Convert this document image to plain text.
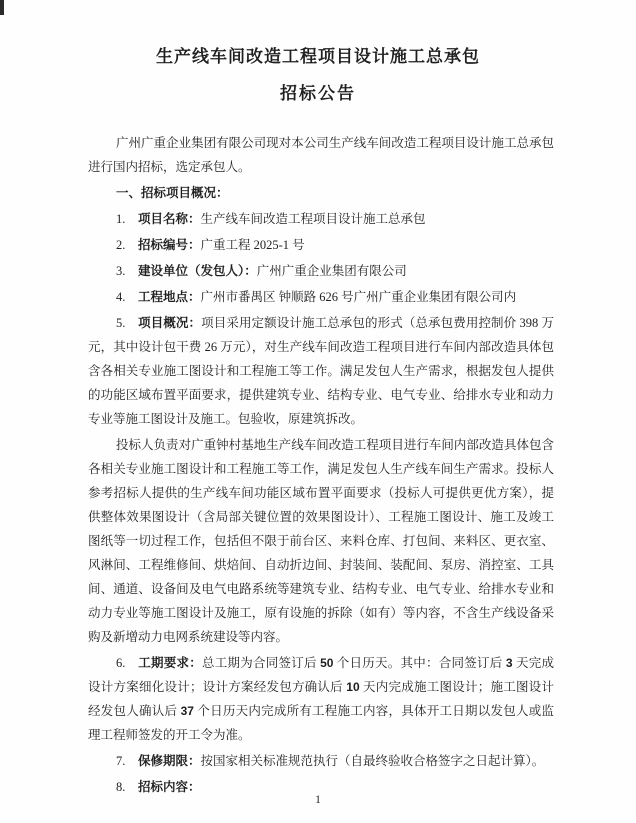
生产线车间改造工程项目设计施工总承包
招标公告

广州广重企业集团有限公司现对本公司生产线车间改造工程项目设计施工总承包进行国内招标，选定承包人。

一、招标项目概况：

1. 项目名称：生产线车间改造工程项目设计施工总承包

2. 招标编号：广重工程 2025-1 号

3. 建设单位（发包人）：广州广重企业集团有限公司

4. 工程地点：广州市番禺区 钟顺路 626 号广州广重企业集团有限公司内

5. 项目概况：项目采用定额设计施工总承包的形式（总承包费用控制价 398 万元，其中设计包干费 26 万元），对生产线车间改造工程项目进行车间内部改造具体包含各相关专业施工图设计和工程施工等工作。满足发包人生产需求，根据发包人提供的功能区域布置平面要求，提供建筑专业、结构专业、电气专业、给排水专业和动力专业等施工图设计及施工。包验收，原建筑拆改。

投标人负责对广重钟村基地生产线车间改造工程项目进行车间内部改造具体包含各相关专业施工图设计和工程施工等工作，满足发包人生产线车间生产需求。投标人参考招标人提供的生产线车间功能区域布置平面要求（投标人可提供更优方案），提供整体效果图设计（含局部关键位置的效果图设计）、工程施工图设计、施工及竣工图纸等一切过程工作，包括但不限于前台区、来料仓库、打包间、来料区、更衣室、风淋间、工程维修间、烘焙间、自动折边间、封装间、装配间、泵房、消控室、工具间、通道、设备间及电气电路系统等建筑专业、结构专业、电气专业、给排水专业和动力专业等施工图设计及施工，原有设施的拆除（如有）等内容，不含生产线设备采购及新增动力电网系统建设等内容。

6. 工期要求：总工期为合同签订后 50 个日历天。其中：合同签订后 3 天完成设计方案细化设计；设计方案经发包方确认后 10 天内完成施工图设计；施工图设计经发包人确认后 37 个日历天内完成所有工程施工内容，具体开工日期以发包人或监理工程师签发的开工令为准。

7. 保修期限：按国家相关标准规范执行（自最终验收合格签字之日起计算）。

8. 招标内容：

1
